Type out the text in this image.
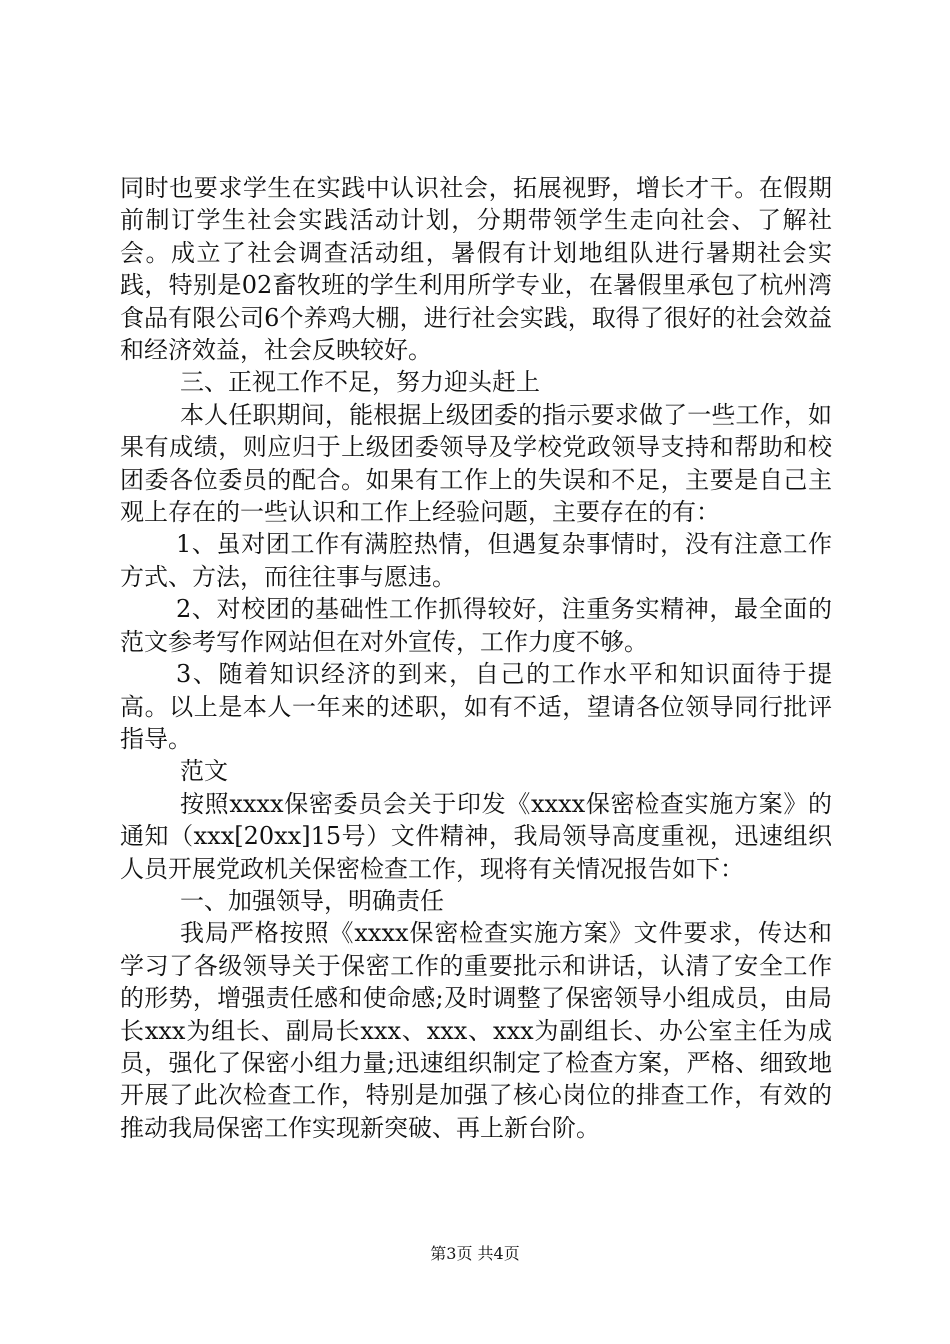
同时也要求学生在实践中认识社会，拓展视野，增长才干。在假期前制订学生社会实践活动计划，分期带领学生走向社会、了解社会。成立了社会调查活动组，暑假有计划地组队进行暑期社会实践，特别是02畜牧班的学生利用所学专业，在暑假里承包了杭州湾食品有限公司6个养鸡大棚，进行社会实践，取得了很好的社会效益和经济效益，社会反映较好。

三、正视工作不足，努力迎头赶上

本人任职期间，能根据上级团委的指示要求做了一些工作，如果有成绩，则应归于上级团委领导及学校党政领导支持和帮助和校团委各位委员的配合。如果有工作上的失误和不足，主要是自己主观上存在的一些认识和工作上经验问题，主要存在的有：

1、虽对团工作有满腔热情，但遇复杂事情时，没有注意工作方式、方法，而往往事与愿违。

2、对校团的基础性工作抓得较好，注重务实精神，最全面的范文参考写作网站但在对外宣传，工作力度不够。

3、随着知识经济的到来，自己的工作水平和知识面待于提高。以上是本人一年来的述职，如有不适，望请各位领导同行批评指导。

范文

按照xxxx保密委员会关于印发《xxxx保密检查实施方案》的通知（xxx[20xx]15号）文件精神，我局领导高度重视，迅速组织人员开展党政机关保密检查工作，现将有关情况报告如下：

一、加强领导，明确责任

我局严格按照《xxxx保密检查实施方案》文件要求，传达和学习了各级领导关于保密工作的重要批示和讲话，认清了安全工作的形势，增强责任感和使命感;及时调整了保密领导小组成员，由局长xxx为组长、副局长xxx、xxx、xxx为副组长、办公室主任为成员，强化了保密小组力量;迅速组织制定了检查方案，严格、细致地开展了此次检查工作，特别是加强了核心岗位的排查工作，有效的推动我局保密工作实现新突破、再上新台阶。

第3页 共4页
